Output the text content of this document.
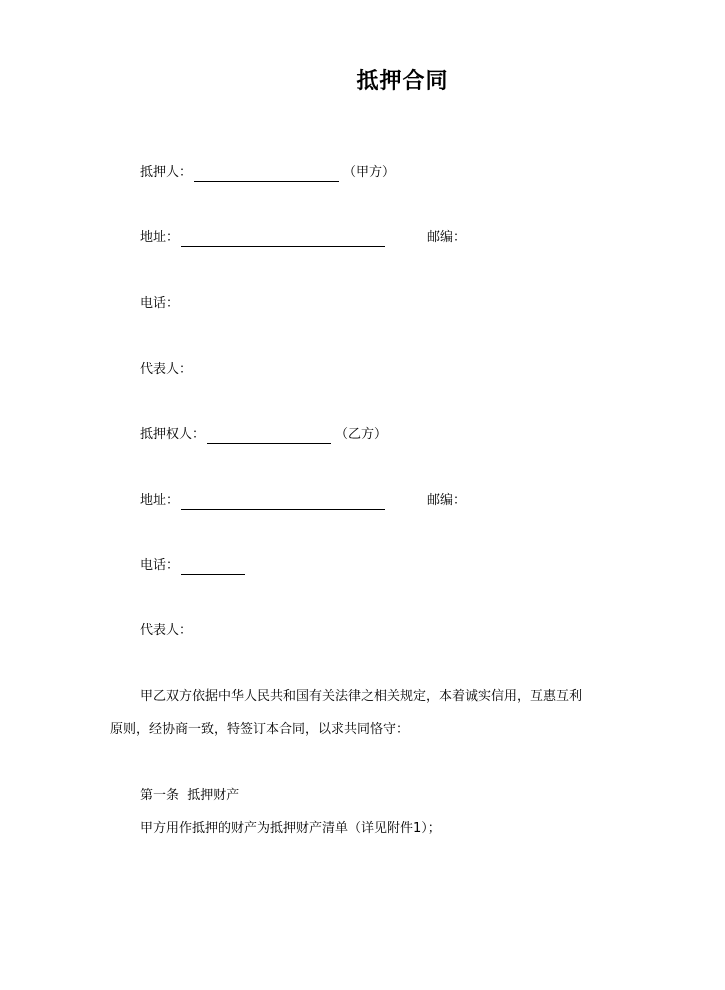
抵押合同
抵押人：	（甲方）
地址：	邮编：
电话：
代表人：
抵押权人：	（乙方）
地址：	邮编：
电话：
代表人：
甲乙双方依据中华人民共和国有关法律之相关规定，本着诚实信用，互惠互利
原则，经协商一致，特签订本合同，以求共同恪守：
第一条  抵押财产
甲方用作抵押的财产为抵押财产清单（详见附件1）；
